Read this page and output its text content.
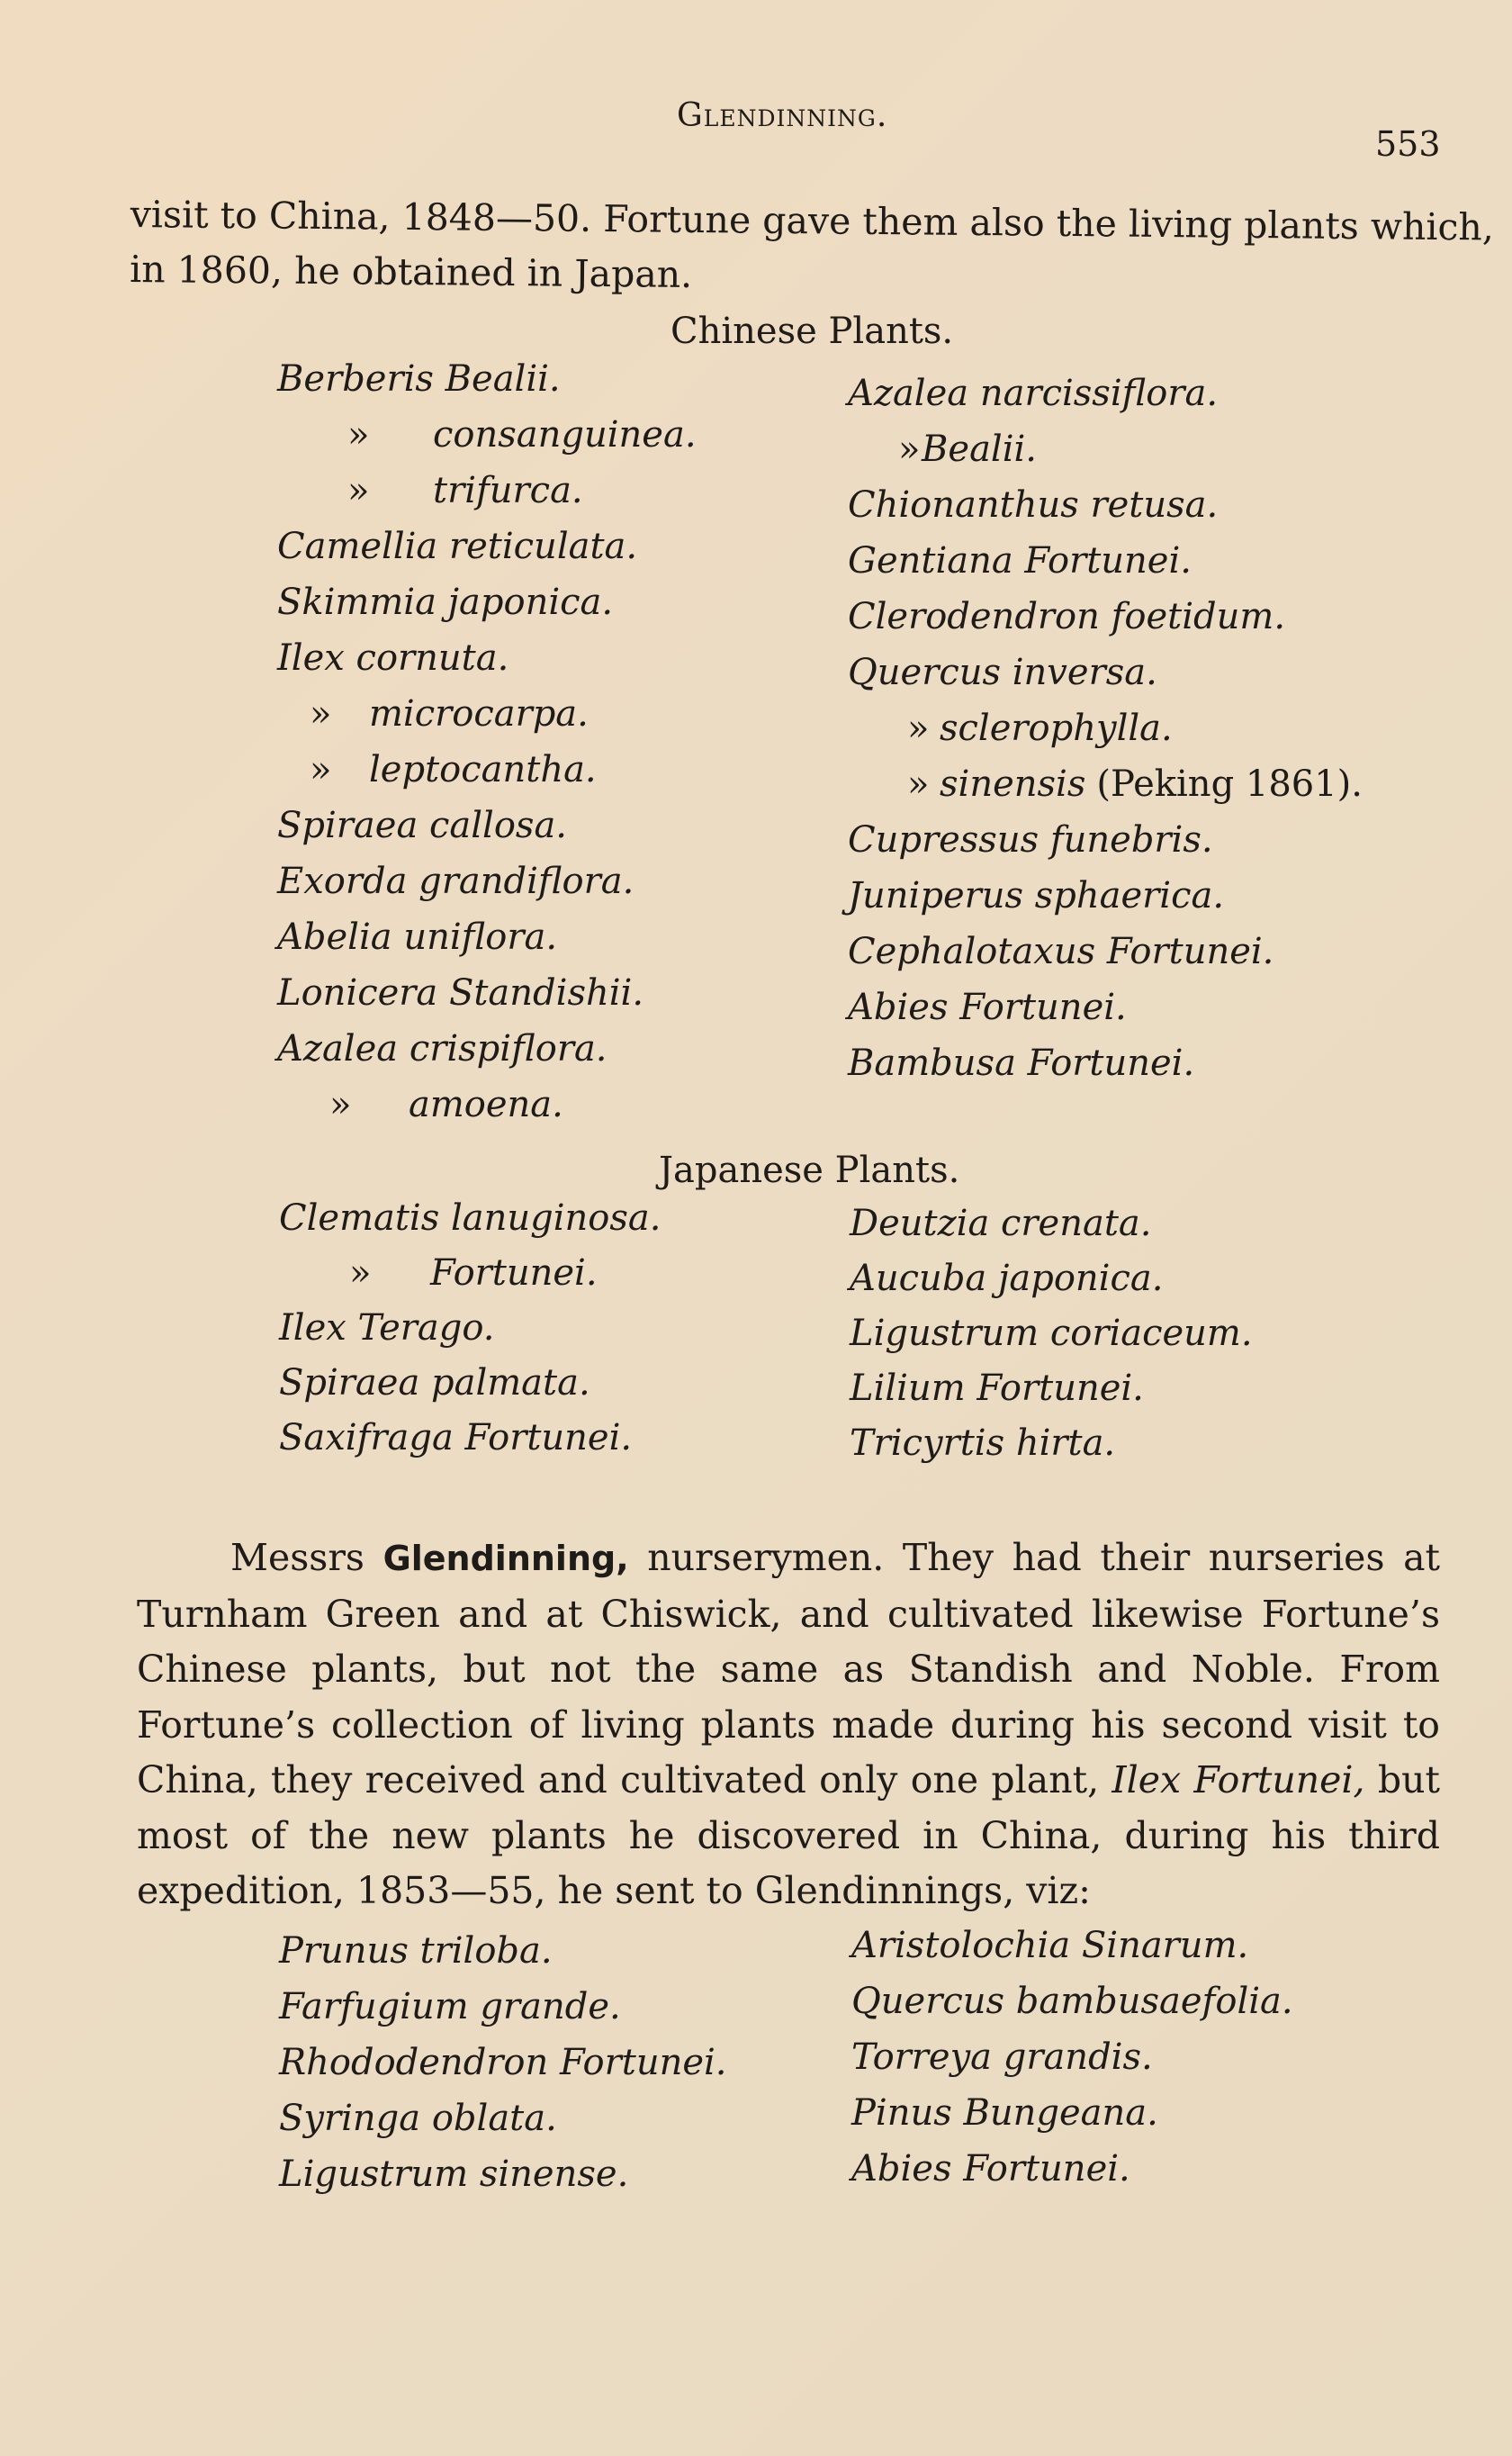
Glendinning.
553
visit to China, 1848—50. Fortune gave them also the living plants which,
in 1860, he obtained in Japan.
Chinese Plants.
Berberis Bealii.
» consanguinea.
» trifurca.
Camellia reticulata.
Skimmia japonica.
Ilex cornuta.
» microcarpa.
» leptocantha.
Spiraea callosa.
Exorda grandiflora.
Abelia uniflora.
Lonicera Standishii.
Azalea crispiflora.
» amoena.
Azalea narcissiflora.
»Bealii.
Chionanthus retusa.
Gentiana Fortunei.
Clerodendron foetidum.
Quercus inversa.
» sclerophylla.
» sinensis (Peking 1861).
Cupressus funebris.
Juniperus sphaerica.
Cephalotaxus Fortunei.
Abies Fortunei.
Bambusa Fortunei.
Japanese Plants.
Clematis lanuginosa.
» Fortunei.
Ilex Terago.
Spiraea palmata.
Saxifraga Fortunei.
Deutzia crenata.
Aucuba japonica.
Ligustrum coriaceum.
Lilium Fortunei.
Tricyrtis hirta.
Messrs Glendinning, nurserymen. They had their nurseries at Turnham Green and at Chiswick, and cultivated likewise Fortune’s Chinese plants, but not the same as Standish and Noble. From Fortune’s collection of living plants made during his second visit to China, they received and cultivated only one plant, Ilex Fortunei, but most of the new plants he discovered in China, during his third expedition, 1853—55, he sent to Glendinnings, viz:
Prunus triloba.
Farfugium grande.
Rhododendron Fortunei.
Syringa oblata.
Ligustrum sinense.
Aristolochia Sinarum.
Quercus bambusaefolia.
Torreya grandis.
Pinus Bungeana.
Abies Fortunei.
